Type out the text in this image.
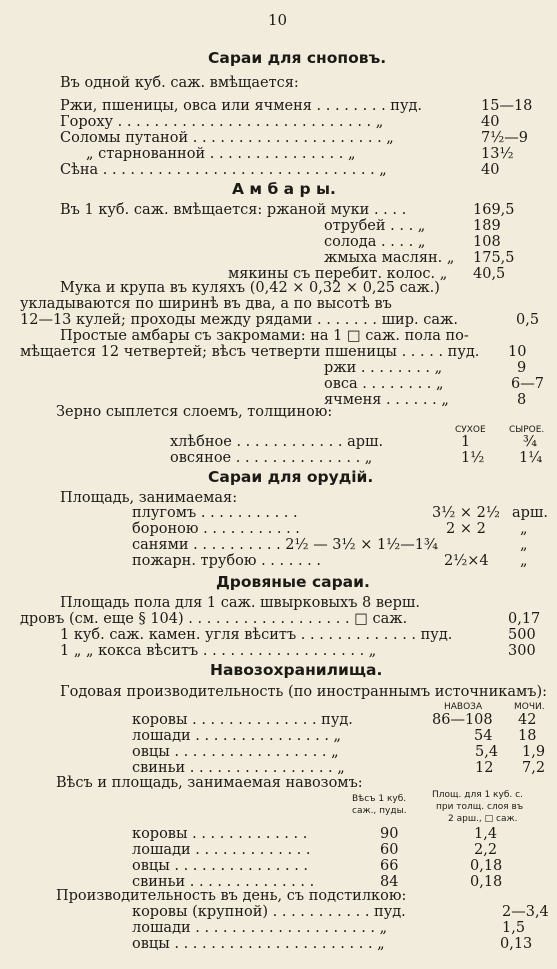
10
Сараи для сноповъ.
Въ одной куб. саж. вмѣщается:
Ржи, пшеницы, овса или ячменя . . . . . . . . пуд.	15—18
Гороху . . . . . . . . . . . . . . . . . . . . . . . . . . . . „	40
Соломы путаной . . . . . . . . . . . . . . . . . . . . . „	7½—9
„ старнованной . . . . . . . . . . . . . . . „	13½
Сѣна . . . . . . . . . . . . . . . . . . . . . . . . . . . . . . „	40
А м б а р ы.
Въ 1 куб. саж. вмѣщается: ржаной муки . . . .	169,5
отрубей . . . „	189
солода . . . . „	108
жмыха маслян. „ 175,5
мякины съ перебит. колос. „ 40,5
Мука и крупа въ куляхъ (0,42 × 0,32 × 0,25 саж.)
укладываются по ширинѣ въ два, а по высотѣ въ
12—13 кулей; проходы между рядами . . . . . . . шир. саж.	0,5
Простые амбары съ закромами: на 1 □ саж. пола по-
мѣщается 12 четвертей; вѣсъ четверти пшеницы . . . . . пуд. 10
ржи . . . . . . . . „	9
овса . . . . . . . . „	6—7
ячменя . . . . . . „	8
Зерно сыплется слоемъ, толщиною:
СУХОЕ	СЫРОЕ.
хлѣбное . . . . . . . . . . . . арш.	1	¾
овсяное . . . . . . . . . . . . . . „	1½ 1¼
Сараи для орудій.
Площадь, занимаемая:
плугомъ . . . . . . . . . . .	3½ × 2½ арш.
бороною . . . . . . . . . . .	2 × 2 „
санями . . . . . . . . . . 2½ — 3½ × 1½—1¾	„
пожарн. трубою . . . . . . .	2½×4 „
Дровяные сараи.
Площадь пола для 1 саж. швырковыхъ 8 верш.
дровъ (см. еще § 104) . . . . . . . . . . . . . . . . . . □ саж.	0,17
1 куб. саж. камен. угля вѣситъ . . . . . . . . . . . . . пуд.	500
1 „ „ кокса вѣситъ . . . . . . . . . . . . . . . . . . „	300
Навозохранилища.
Годовая производительность (по иностраннымъ источникамъ):
НАВОЗА	МОЧИ.
коровы . . . . . . . . . . . . . . пуд.	86—108 42
лошади . . . . . . . . . . . . . . . „	54 18
овцы . . . . . . . . . . . . . . . . . „	5,4 1,9
свиньи . . . . . . . . . . . . . . . . „	12 7,2
Вѣсъ и площадь, занимаемая навозомъ:
Вѣсъ 1 куб.
саж., пуды.
Площ. для 1 куб. с.
при толщ. слоя въ
2 арш., □ саж.
коровы . . . . . . . . . . . . .	90	1,4
лошади . . . . . . . . . . . . .	60	2,2
овцы . . . . . . . . . . . . . . .	66	0,18
свиньи . . . . . . . . . . . . . .	84	0,18
Производительность въ день, съ подстилкою:
коровы (крупной) . . . . . . . . . . . пуд.	2—3,4
лошади . . . . . . . . . . . . . . . . . . . . „	1,5
овцы . . . . . . . . . . . . . . . . . . . . . . „	0,13
